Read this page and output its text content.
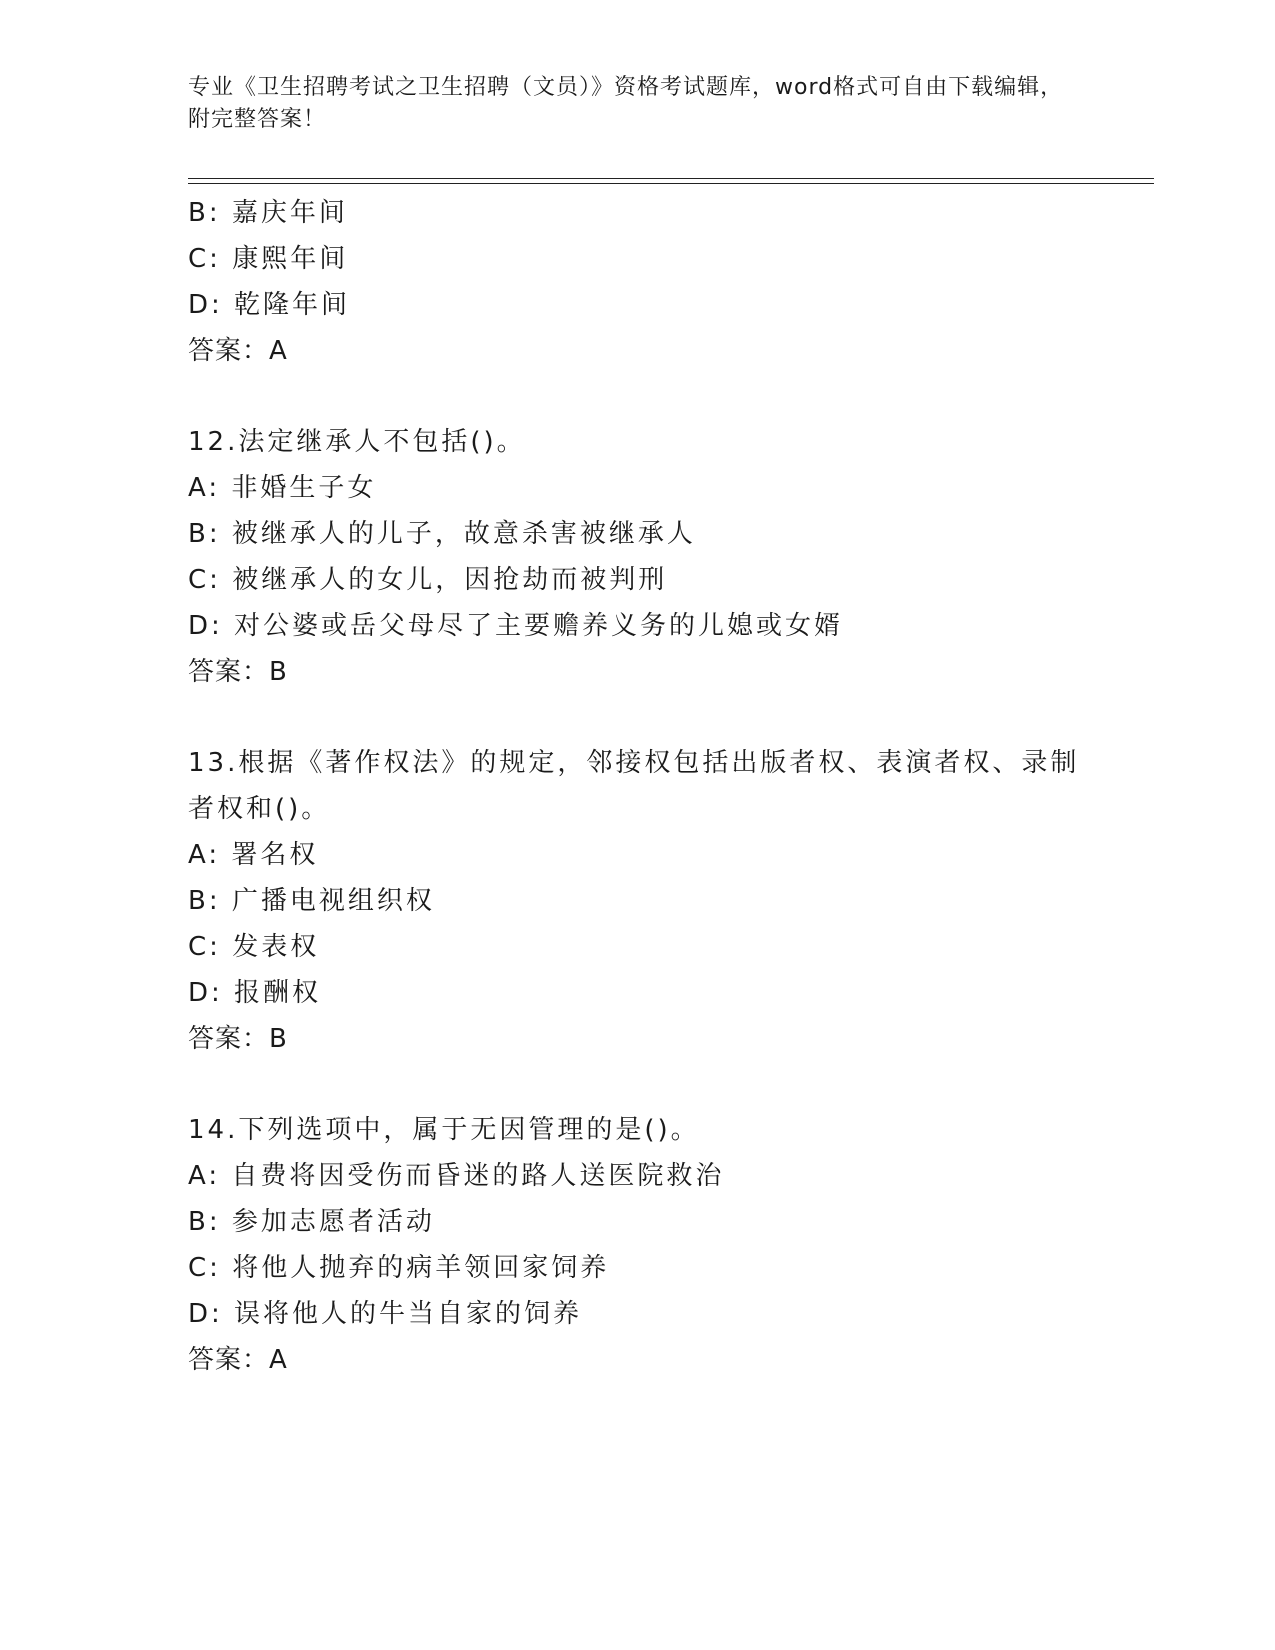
专业《卫生招聘考试之卫生招聘（文员）》资格考试题库，word格式可自由下载编辑，附完整答案！
B: 嘉庆年间
C: 康熙年间
D: 乾隆年间
答案：A
12.法定继承人不包括()。
A: 非婚生子女
B: 被继承人的儿子，故意杀害被继承人
C: 被继承人的女儿，因抢劫而被判刑
D: 对公婆或岳父母尽了主要赡养义务的儿媳或女婿
答案：B
13.根据《著作权法》的规定，邻接权包括出版者权、表演者权、录制者权和()。
A: 署名权
B: 广播电视组织权
C: 发表权
D: 报酬权
答案：B
14.下列选项中，属于无因管理的是()。
A: 自费将因受伤而昏迷的路人送医院救治
B: 参加志愿者活动
C: 将他人抛弃的病羊领回家饲养
D: 误将他人的牛当自家的饲养
答案：A
